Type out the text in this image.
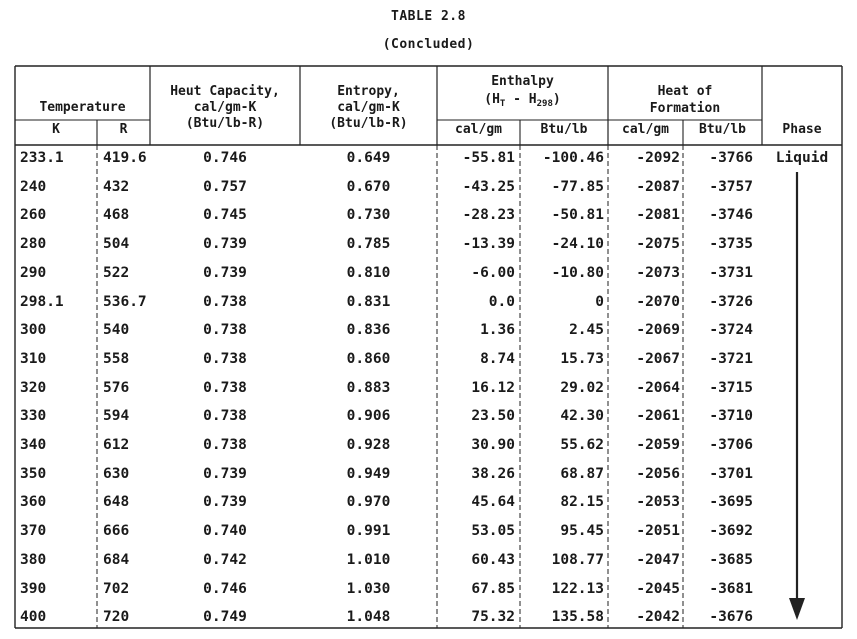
TABLE 2.8
(Concluded)
Temperature
K	R
Heut Capacity,
cal/gm-K
(Btu/lb-R)
Entropy,
cal/gm-K
(Btu/lb-R)
Enthalpy
$(H_T - H_{298})$
cal/gm	Btu/lb
Heat of
Formation
cal/gm	Btu/lb	Phase
Liquid
233.1	419.6	0.746	0.649	-55.81	-100.46	-2092	-3766
240	432	0.757	0.670	-43.25	-77.85	-2087	-3757
260	468	0.745	0.730	-28.23	-50.81	-2081	-3746
280	504	0.739	0.785	-13.39	-24.10	-2075	-3735
290	522	0.739	0.810	-6.00	-10.80	-2073	-3731
298.1	536.7	0.738	0.831	0.0	0	-2070	-3726
300	540	0.738	0.836	1.36	2.45	-2069	-3724
310	558	0.738	0.860	8.74	15.73	-2067	-3721
320	576	0.738	0.883	16.12	29.02	-2064	-3715
330	594	0.738	0.906	23.50	42.30	-2061	-3710
340	612	0.738	0.928	30.90	55.62	-2059	-3706
350	630	0.739	0.949	38.26	68.87	-2056	-3701
360	648	0.739	0.970	45.64	82.15	-2053	-3695
370	666	0.740	0.991	53.05	95.45	-2051	-3692
380	684	0.742	1.010	60.43	108.77	-2047	-3685
390	702	0.746	1.030	67.85	122.13	-2045	-3681
400	720	0.749	1.048	75.32	135.58	-2042	-3676
